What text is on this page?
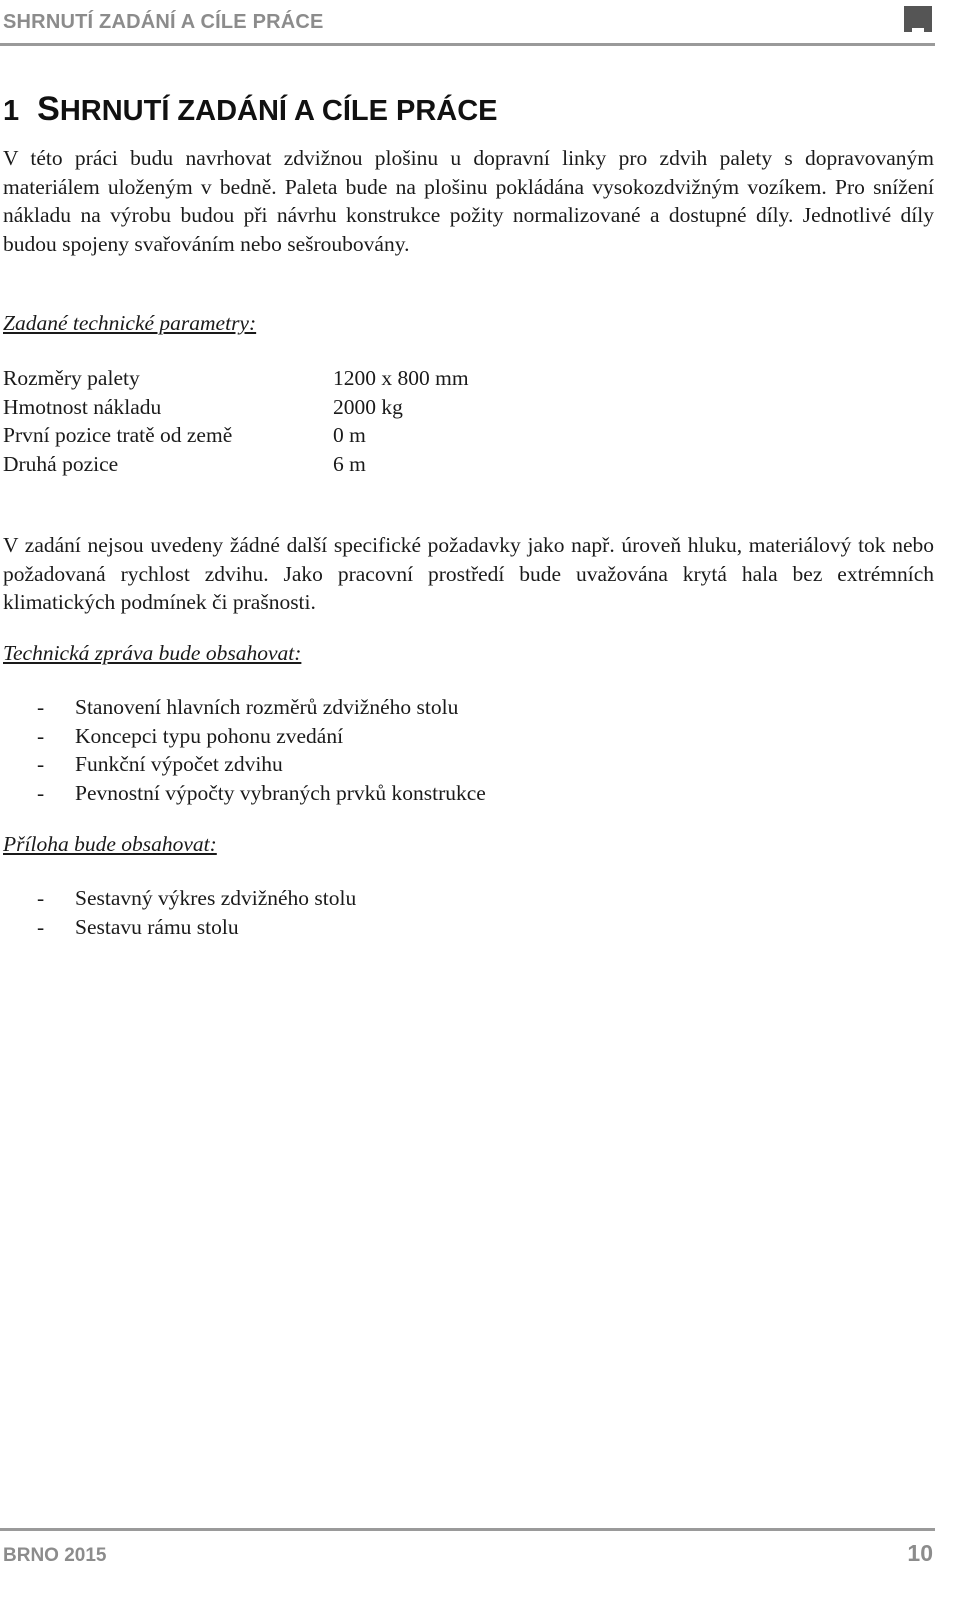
SHRNUTÍ ZADÁNÍ A CÍLE PRÁCE
1 SHRNUTÍ ZADÁNÍ A CÍLE PRÁCE

V této práci budu navrhovat zdvižnou plošinu u dopravní linky pro zdvih palety s dopravovaným materiálem uloženým v bedně. Paleta bude na plošinu pokládána vysokozdvižným vozíkem. Pro snížení nákladu na výrobu budou při návrhu konstrukce požity normalizované a dostupné díly. Jednotlivé díly budou spojeny svařováním nebo sešroubovány.

Zadané technické parametry:

Rozměry palety	1200 x 800 mm
Hmotnost nákladu	2000 kg
První pozice tratě od země	0 m
Druhá pozice	6 m

V zadání nejsou uvedeny žádné další specifické požadavky jako např. úroveň hluku, materiálový tok nebo požadovaná rychlost zdvihu. Jako pracovní prostředí bude uvažována krytá hala bez extrémních klimatických podmínek či prašnosti.

Technická zpráva bude obsahovat:

- Stanovení hlavních rozměrů zdvižného stolu
- Koncepci typu pohonu zvedání
- Funkční výpočet zdvihu
- Pevnostní výpočty vybraných prvků konstrukce

Příloha bude obsahovat:

- Sestavný výkres zdvižného stolu
- Sestavu rámu stolu
BRNO 2015	10
